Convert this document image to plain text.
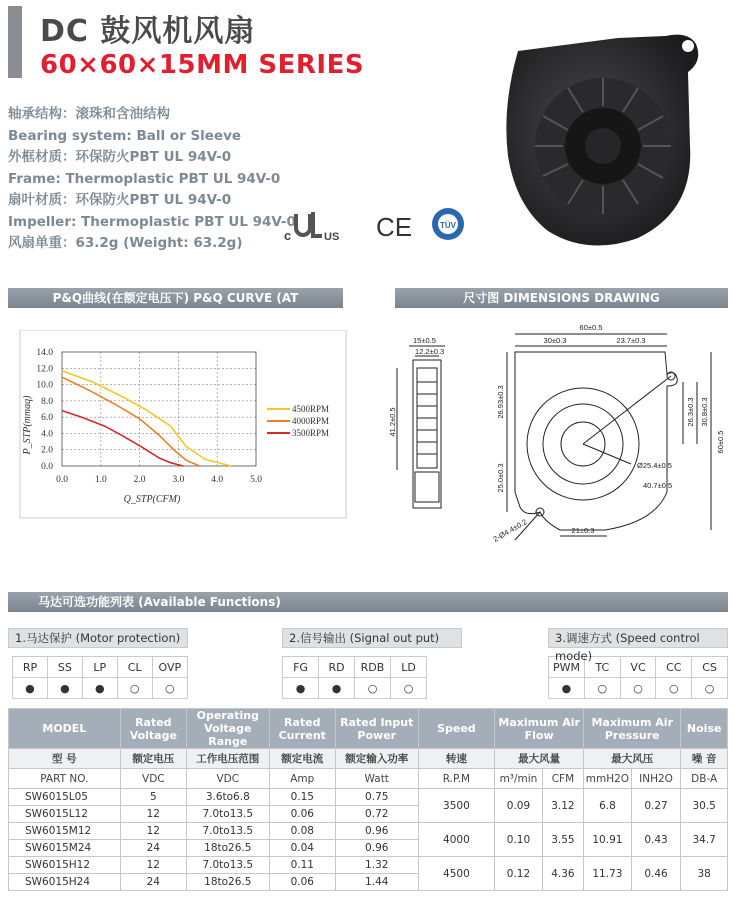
DC 鼓风机风扇
60×60×15MM SERIES
轴承结构：滚珠和含油结构
Bearing system: Ball or Sleeve
外框材质：环保防火PBT UL 94V-0
Frame: Thermoplastic PBT UL 94V-0
扇叶材质：环保防火PBT UL 94V-0
Impeller: Thermoplastic PBT UL 94V-0
风扇单重：63.2g (Weight: 63.2g)	c	US CE	TÜV
P&Q曲线(在额定电压下) P&Q CURVE (AT RATEDVOLTAGE)
尺寸图 DIMENSIONS DRAWING
0.0	1.0	2.0	3.0	4.0	5.0
0.0
2.0
4.0
6.0
8.0
10.0
12.0
14.0
4500RPM
4000RPM
3500RPM
P_STP(mmaq)
Q_STP(CFM)
15±0.5
12.2±0.3
41.2±0.5
60±0.5
30±0.3	23.7±0.3
60±0.5
30.8±0.3
26.3±0.3
26.93±0.3
25.0±0.3	Ø25.4±0.5
40.7±0.5
21±0.3
2-Ø4.4±0.2
马达可选功能列表 (Available Functions)
1.马达保护 (Motor protection)
RP	SS	LP	CL	OVP
●	●	●	○	○
2.信号输出 (Signal out put)
FG	RD	RDB	LD
●	●	○	○
3.调速方式 (Speed control mode)
PWM	TC	VC	CC	CS
●	○	○	○	○
MODEL	Rated Voltage	Operating Voltage Range	Rated Current	Rated Input Power	Speed	Maximum Air Flow		Maximum Air Pressure		Noise
型 号	额定电压	工作电压范围	额定电流	额定输入功率	转速	最大风量		最大风压		噪 音
PART NO.	VDC	VDC	Amp	Watt	R.P.M	m³/min	CFM	mmH2O	INH2O	DB-A
SW6015L05	5	3.6to6.8	0.15	0.75	3500	0.09	3.12	6.8	0.27	30.5
SW6015L12	12	7.0to13.5	0.06	0.72						
SW6015M12	12	7.0to13.5	0.08	0.96	4000	0.10	3.55	10.91	0.43	34.7
SW6015M24	24	18to26.5	0.04	0.96						
SW6015H12	12	7.0to13.5	0.11	1.32	4500	0.12	4.36	11.73	0.46	38
SW6015H24	24	18to26.5	0.06	1.44						
